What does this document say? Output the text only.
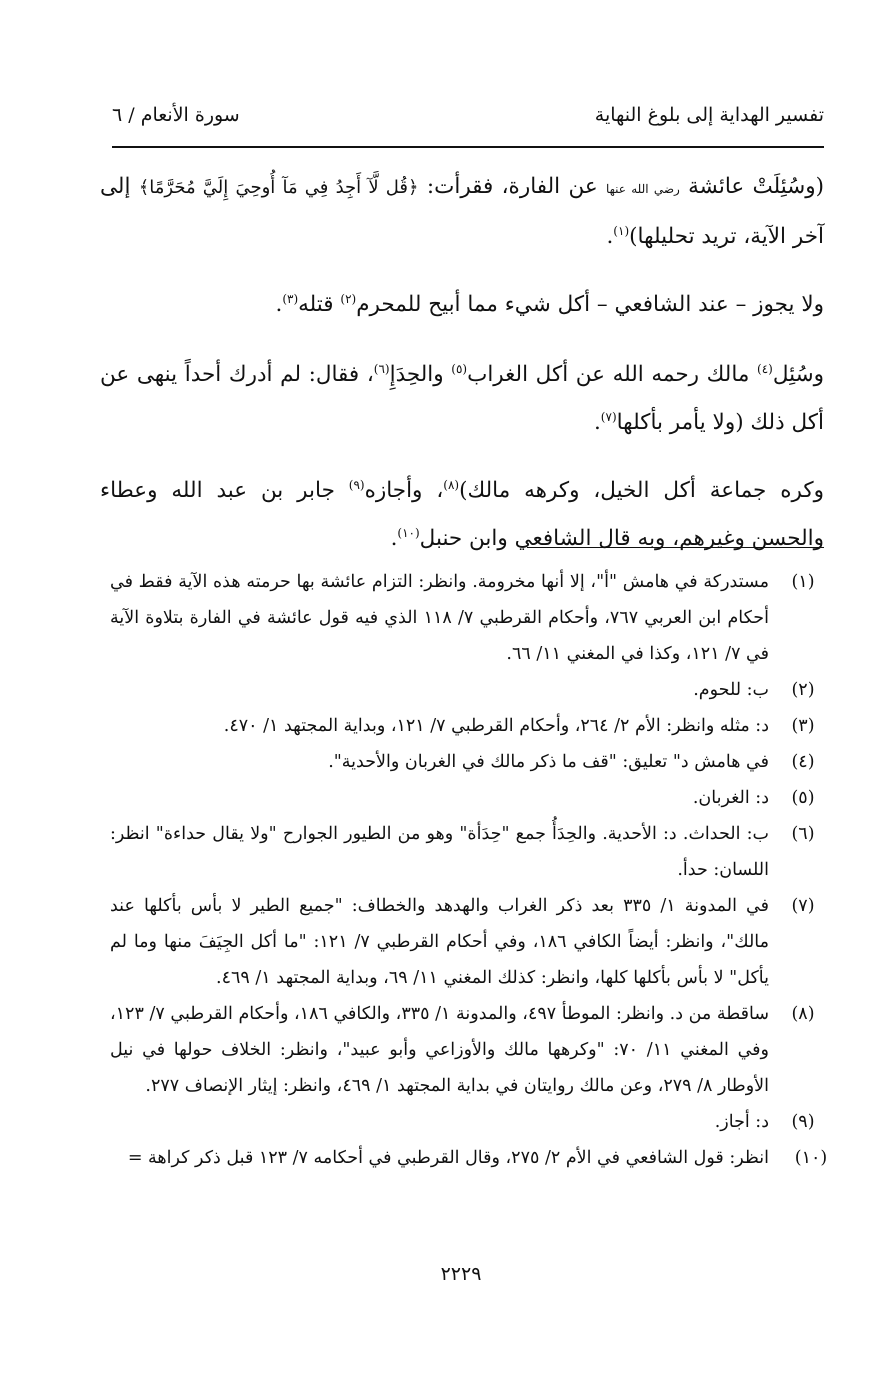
تفسير الهداية إلى بلوغ النهاية
سورة الأنعام / ٦

(وسُئِلَتْ عائشة رضي الله عنها عن الفارة، فقرأت: ﴿قُل لَّآ أَجِدُ فِي مَآ أُوحِيَ إِلَيَّ مُحَرَّمًا﴾ إلى آخر الآية، تريد تحليلها)$^{(١)}$.

ولا يجوز – عند الشافعي – أكل شيء مما أبيح للمحرم$^{(٢)}$ قتله$^{(٣)}$.

وسُئِل$^{(٤)}$ مالك رحمه الله عن أكل الغراب$^{(٥)}$ والحِدَإِ$^{(٦)}$، فقال: لم أدرك أحداً ينهى عن أكل ذلك (ولا يأمر بأكلها$^{(٧)}$.

وكره جماعة أكل الخيل، وكرهه مالك)$^{(٨)}$، وأجازه$^{(٩)}$ جابر بن عبد الله وعطاء والحسن وغيرهم، وبه قال الشافعي وابن حنبل$^{(١٠)}$.

(١)
مستدركة في هامش "أ"، إلا أنها مخرومة. وانظر: التزام عائشة بها حرمته هذه الآية فقط في أحكام ابن العربي ٧٦٧، وأحكام القرطبي ٧/ ١١٨ الذي فيه قول عائشة في الفارة بتلاوة الآية في ٧/ ١٢١، وكذا في المغني ١١/ ٦٦.
(٢)
ب: للحوم.
(٣)
د: مثله وانظر: الأم ٢/ ٢٦٤، وأحكام القرطبي ٧/ ١٢١، وبداية المجتهد ١/ ٤٧٠.
(٤)
في هامش د" تعليق: "قف ما ذكر مالك في الغربان والأحدية".
(٥)
د: الغربان.
(٦)
ب: الحداث. د: الأحدية. والحِدَأُ جمع "حِدَأة" وهو من الطيور الجوارح "ولا يقال حداءة" انظر: اللسان: حدأ.
(٧)
في المدونة ١/ ٣٣٥ بعد ذكر الغراب والهدهد والخطاف: "جميع الطير لا بأس بأكلها عند مالك"، وانظر: أيضاً الكافي ١٨٦، وفي أحكام القرطبي ٧/ ١٢١: "ما أكل الجِيَفَ منها وما لم يأكل" لا بأس بأكلها كلها، وانظر: كذلك المغني ١١/ ٦٩، وبداية المجتهد ١/ ٤٦٩.
(٨)
ساقطة من د. وانظر: الموطأ ٤٩٧، والمدونة ١/ ٣٣٥، والكافي ١٨٦، وأحكام القرطبي ٧/ ١٢٣، وفي المغني ١١/ ٧٠: "وكرهها مالك والأوزاعي وأبو عبيد"، وانظر: الخلاف حولها في نيل الأوطار ٨/ ٢٧٩، وعن مالك روايتان في بداية المجتهد ١/ ٤٦٩، وانظر: إيثار الإنصاف ٢٧٧.
(٩)
د: أجاز.
(١٠)
انظر: قول الشافعي في الأم ٢/ ٢٧٥، وقال القرطبي في أحكامه ٧/ ١٢٣ قبل ذكر كراهة =
٢٢٢٩
